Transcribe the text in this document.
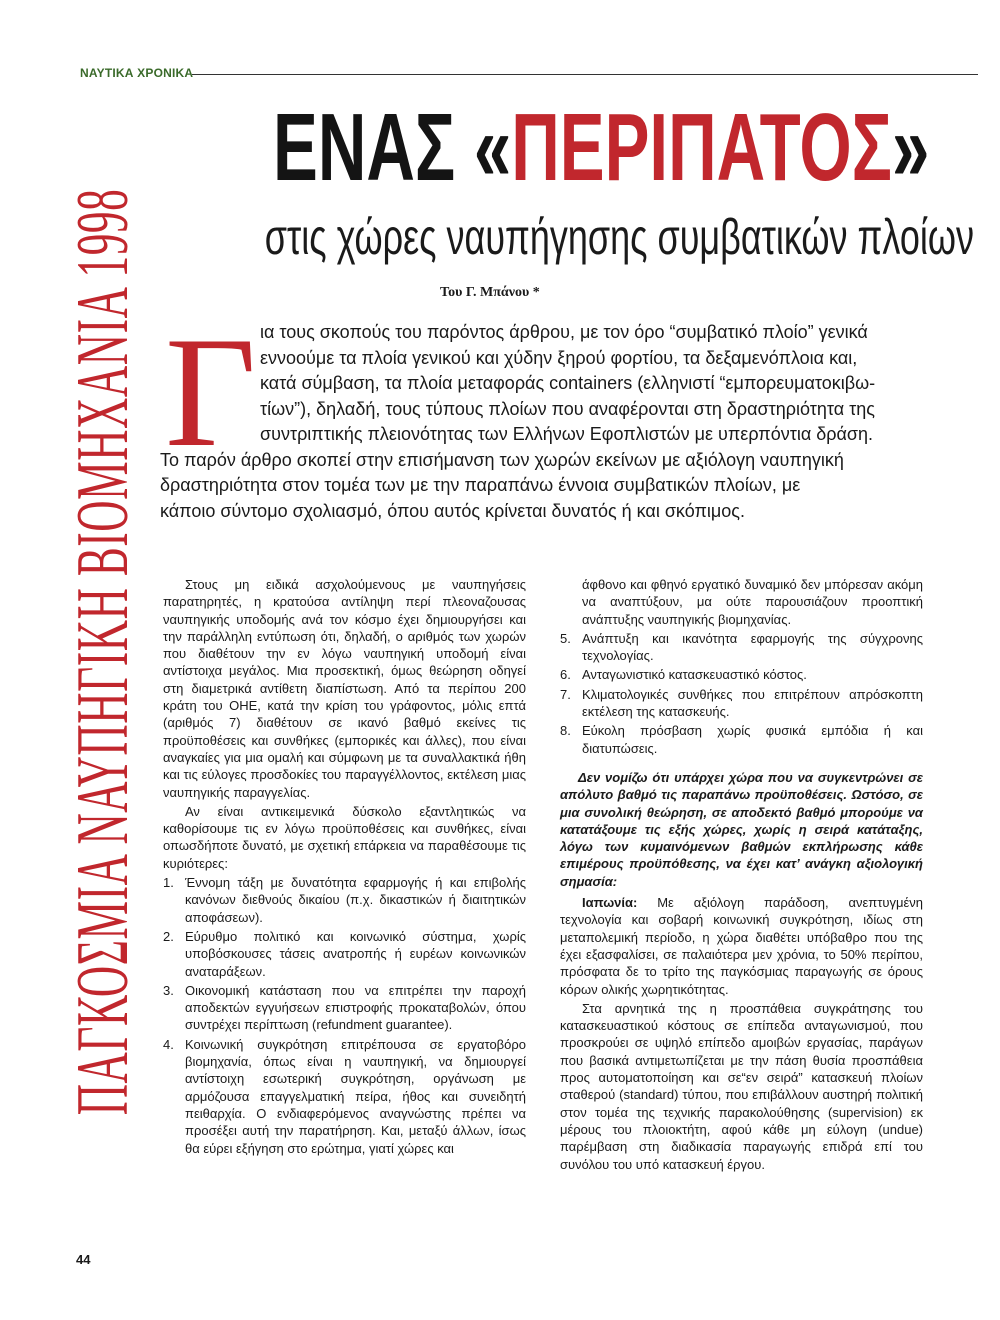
ΝΑΥΤΙΚΑ ΧΡΟΝΙΚΑ
ΠΑΓΚΟΣΜΙΑ ΝΑΥΠΗΓΙΚΗ ΒΙΟΜΗΧΑΝΙΑ 1998
ΕΝΑΣ «ΠΕΡΙΠΑΤΟΣ»
στις χώρες ναυπήγησης συμβατικών πλοίων
Του Γ. Μπάνου *
Γ ια τους σκοπούς του παρόντος άρθρου, με τον όρο “συμβατικό πλοίο” γενικά
εννοούμε τα πλοία γενικού και χύδην ξηρού φορτίου, τα δεξαμενόπλοια και,
κατά σύμβαση, τα πλοία μεταφοράς containers (ελληνιστί “εμπορευματοκιβω-
τίων”), δηλαδή, τους τύπους πλοίων που αναφέρονται στη δραστηριότητα της
συντριπτικής πλειονότητας των Ελλήνων Εφοπλιστών με υπερπόντια δράση.
Το παρόν άρθρο σκοπεί στην επισήμανση των χωρών εκείνων με αξιόλογη ναυπηγική
δραστηριότητα στον τομέα των με την παραπάνω έννοια συμβατικών πλοίων, με
κάποιο σύντομο σχολιασμό, όπου αυτός κρίνεται δυνατός ή και σκόπιμος.

Στους μη ειδικά ασχολούμενους με ναυπηγήσεις παρατηρητές, η κρατούσα αντίληψη περί πλεοναζουσας ναυπηγικής υποδομής ανά τον κόσμο έχει δημιουργήσει και την παράλληλη εντύπωση ότι, δηλαδή, ο αριθμός των χωρών που διαθέτουν την εν λόγω ναυπηγική υποδομή είναι αντίστοιχα μεγάλος. Μια προσεκτική, όμως θεώρηση οδηγεί στη διαμετρικά αντίθετη διαπίστωση. Από τα περίπου 200 κράτη του ΟΗΕ, κατά την κρίση του γράφοντος, μόλις επτά (αριθμός 7) διαθέτουν σε ικανό βαθμό εκείνες τις προϋποθέσεις και συνθήκες (εμπορικές και άλλες), που είναι αναγκαίες για μια ομαλή και σύμφωνη με τα συναλλακτικά ήθη και τις εύλογες προσδοκίες του παραγγέλλοντος, εκτέλεση μιας ναυπηγικής παραγγελίας.

Αν είναι αντικειμενικά δύσκολο εξαντλητικώς να καθορίσουμε τις εν λόγω προϋποθέσεις και συνθήκες, είναι οπωσδήποτε δυνατό, με σχετική επάρκεια να παραθέσουμε τις κυριότερες:

1. Έννομη τάξη με δυνατότητα εφαρμογής ή και επιβολής κανόνων διεθνούς δικαίου (π.χ. δικαστικών ή διαιτητικών αποφάσεων).
2. Εύρυθμο πολιτικό και κοινωνικό σύστημα, χωρίς υποβόσκουσες τάσεις ανατροπής ή ευρέων κοινωνικών αναταράξεων.
3. Οικονομική κατάσταση που να επιτρέπει την παροχή αποδεκτών εγγυήσεων επιστροφής προκαταβολών, όπου συντρέχει περίπτωση (refundment guarantee).
4. Κοινωνική συγκρότηση επιτρέπουσα σε εργατοβόρο βιομηχανία, όπως είναι η ναυπηγική, να δημιουργεί αντίστοιχη εσωτερική συγκρότηση, οργάνωση με αρμόζουσα επαγγελματική πείρα, ήθος και συνειδητή πειθαρχία. Ο ενδιαφερόμενος αναγνώστης πρέπει να προσέξει αυτή την παρατήρηση. Και, μεταξύ άλλων, ίσως θα εύρει εξήγηση στο ερώτημα, γιατί χώρες και

άφθονο και φθηνό εργατικό δυναμικό δεν μπόρεσαν ακόμη να αναπτύξουν, μα ούτε παρουσιάζουν προοπτική ανάπτυξης ναυπηγικής βιομηχανίας.

5. Ανάπτυξη και ικανότητα εφαρμογής της σύγχρονης τεχνολογίας.
6. Ανταγωνιστικό κατασκευαστικό κόστος.
7. Κλιματολογικές συνθήκες που επιτρέπουν απρόσκοπτη εκτέλεση της κατασκευής.
8. Εύκολη πρόσβαση χωρίς φυσικά εμπόδια ή και διατυπώσεις.

Δεν νομίζω ότι υπάρχει χώρα που να συγκεντρώνει σε απόλυτο βαθμό τις παραπάνω προϋποθέσεις. Ωστόσο, σε μια συνολική θεώρηση, σε αποδεκτό βαθμό μπορούμε να κατατάξουμε τις εξής χώρες, χωρίς η σειρά κατάταξης, λόγω των κυμαινόμενων βαθμών εκπλήρωσης κάθε επιμέρους προϋπόθεσης, να έχει κατ’ ανάγκη αξιολογική σημασία:

Ιαπωνία: Με αξιόλογη παράδοση, ανεπτυγμένη τεχνολογία και σοβαρή κοινωνική συγκρότηση, ιδίως στη μεταπολεμική περίοδο, η χώρα διαθέτει υπόβαθρο που της έχει εξασφαλίσει, σε παλαιότερα μεν χρόνια, το 50% περίπου, πρόσφατα δε το τρίτο της παγκόσμιας παραγωγής σε όρους κόρων ολικής χωρητικότητας.

Στα αρνητικά της η προσπάθεια συγκράτησης του κατασκευαστικού κόστους σε επίπεδα ανταγωνισμού, που προσκρούει σε υψηλό επίπεδο αμοιβών εργασίας, παράγων που βασικά αντιμετωπίζεται με την πάση θυσία προσπάθεια προς αυτοματοποίηση και σε“εν σειρά” κατασκευή πλοίων σταθερού (standard) τύπου, που επιβάλλουν αυστηρή πολιτική στον τομέα της τεχνικής παρακολούθησης (supervision) εκ μέρους του πλοιοκτήτη, αφού κάθε μη εύλογη (undue) παρέμβαση στη διαδικασία παραγωγής επιδρά επί του συνόλου του υπό κατασκευή έργου.

44
